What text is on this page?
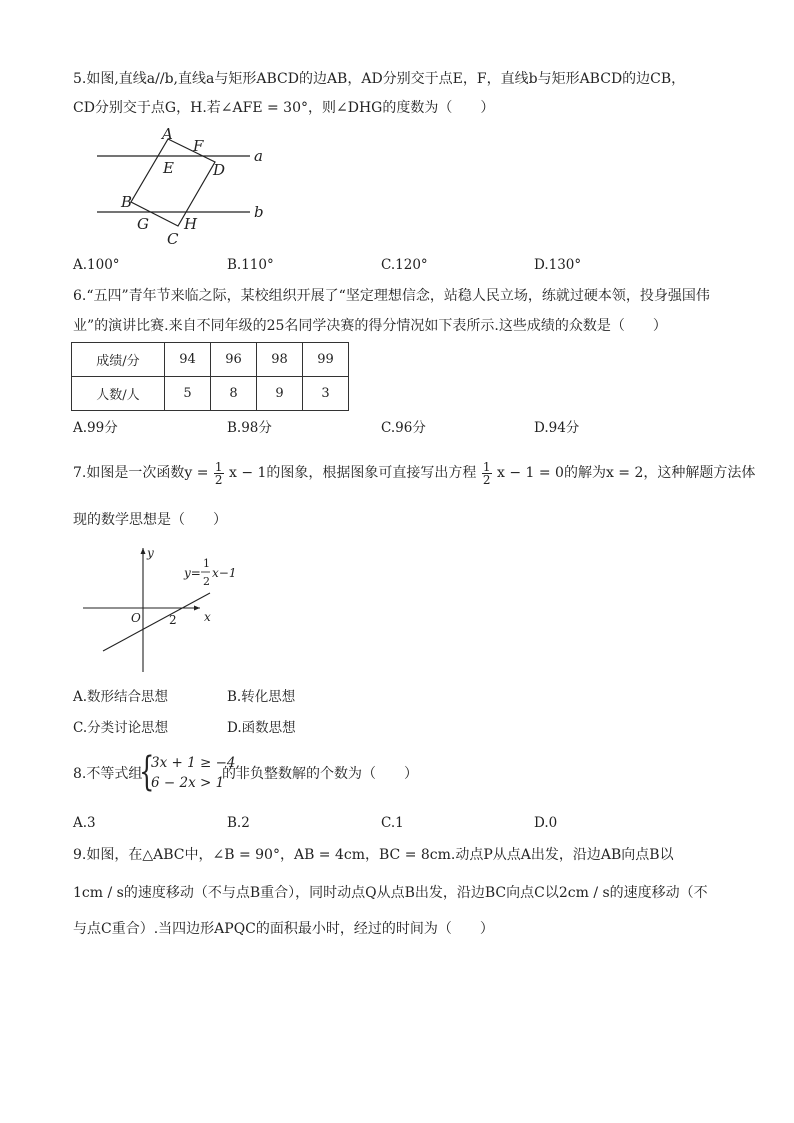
5.如图,直线a//b,直线a与矩形ABCD的边AB，AD分别交于点E，F，直线b与矩形ABCD的边CB，
CD分别交于点G，H.若∠AFE = 30°，则∠DHG的度数为（　　）
A
F
E	D
a
B
G H
b
C
A.100°	B.110°	C.120°	D.130°
6.“五四”青年节来临之际，某校组织开展了“坚定理想信念，站稳人民立场，练就过硬本领，投身强国伟
业”的演讲比赛.来自不同年级的25名同学决赛的得分情况如下表所示.这些成绩的众数是（　　）
成绩/分	94	96	98	99
人数/人	5	8	9	3
A.99分	B.98分	C.96分	D.94分
7.如图是一次函数$y = \frac{1}{2}$ x − 1的图象，根据图象可直接写出方程 $\frac{1}{2}$ x − 1 = 0的解为x = 2，这种解题方法体
现的数学思想是（　　）
y
x
O 2
y=
1
2
x−1
A.数形结合思想	B.转化思想
C.分类讨论思想	D.函数思想
8.不等式组
{
3x + 1 ≥ −4,
6 − 2x > 1
的非负整数解的个数为（　　）
A.3	B.2	C.1	D.0
9.如图，在△ABC中，∠B = 90°，AB = 4cm，BC = 8cm.动点P从点A出发，沿边AB向点B以
1cm / s的速度移动（不与点B重合），同时动点Q从点B出发，沿边BC向点C以2cm / s的速度移动（不
与点C重合）.当四边形APQC的面积最小时，经过的时间为（　　）
